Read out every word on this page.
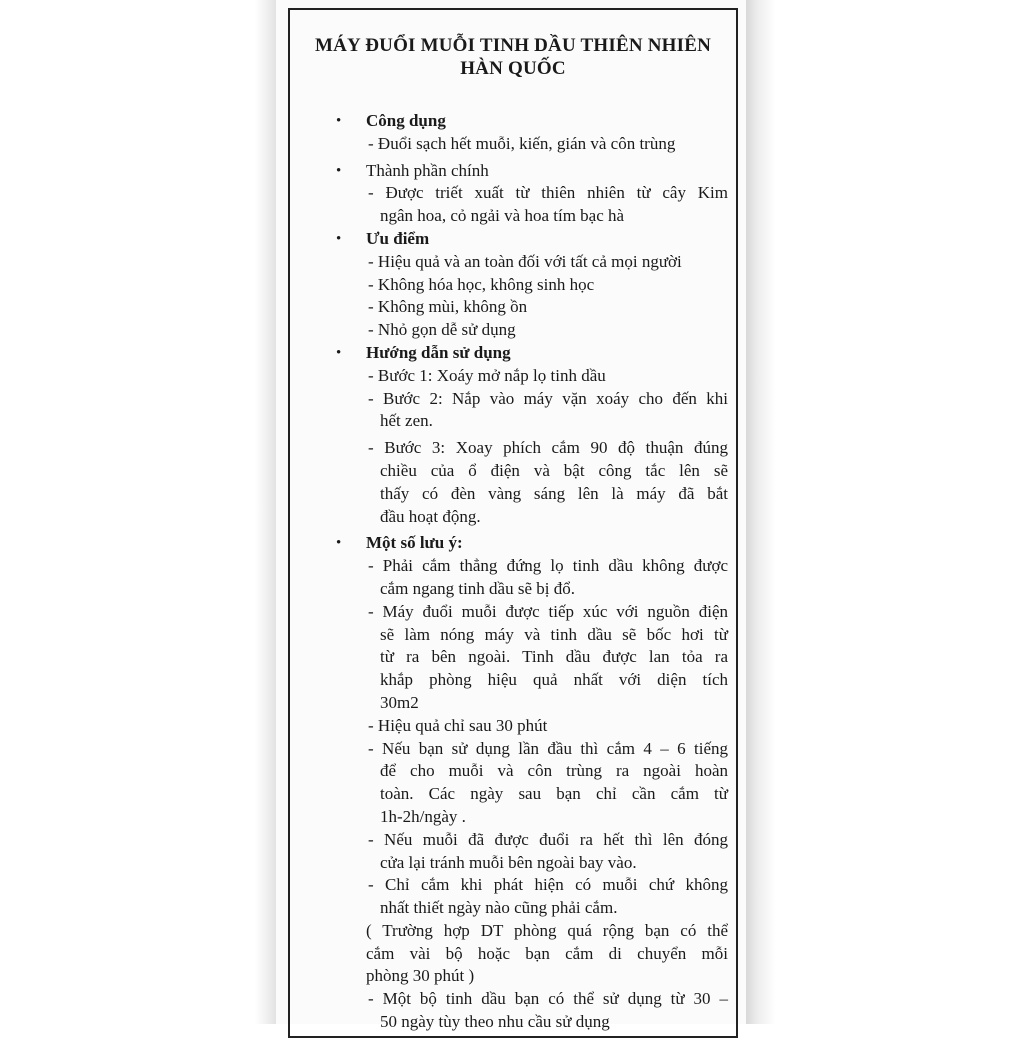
MÁY ĐUỔI MUỖI TINH DẦU THIÊN NHIÊN
HÀN QUỐC
• Công dụng
- Đuổi sạch hết muỗi, kiến, gián và côn trùng
• Thành phần chính
- Được triết xuất từ thiên nhiên từ cây Kim
ngân hoa, cỏ ngải và hoa tím bạc hà
• Ưu điểm
- Hiệu quả và an toàn đối với tất cả mọi người
- Không hóa học, không sinh học
- Không mùi, không ồn
- Nhỏ gọn dễ sử dụng
• Hướng dẫn sử dụng
- Bước 1: Xoáy mở nắp lọ tinh dầu
- Bước 2: Nắp vào máy vặn xoáy cho đến khi
hết zen.
- Bước 3: Xoay phích cắm 90 độ thuận đúng
chiều của ổ điện và bật công tắc lên sẽ
thấy có đèn vàng sáng lên là máy đã bắt
đầu hoạt động.
• Một số lưu ý:
- Phải cắm thẳng đứng lọ tinh dầu không được
cắm ngang tinh dầu sẽ bị đổ.
- Máy đuổi muỗi được tiếp xúc với nguồn điện
sẽ làm nóng máy và tinh dầu sẽ bốc hơi từ
từ ra bên ngoài. Tinh dầu được lan tỏa ra
khắp phòng hiệu quả nhất với diện tích
30m2
- Hiệu quả chỉ sau 30 phút
- Nếu bạn sử dụng lần đầu thì cắm 4 – 6 tiếng
để cho muỗi và côn trùng ra ngoài hoàn
toàn. Các ngày sau bạn chỉ cần cắm từ
1h-2h/ngày .
- Nếu muỗi đã được đuổi ra hết thì lên đóng
cửa lại tránh muỗi bên ngoài bay vào.
- Chỉ cắm khi phát hiện có muỗi chứ không
nhất thiết ngày nào cũng phải cắm.
( Trường hợp DT phòng quá rộng bạn có thể
cắm vài bộ hoặc bạn cắm di chuyển mỗi
phòng 30 phút )
- Một bộ tinh dầu bạn có thể sử dụng từ 30 –
50 ngày tùy theo nhu cầu sử dụng
